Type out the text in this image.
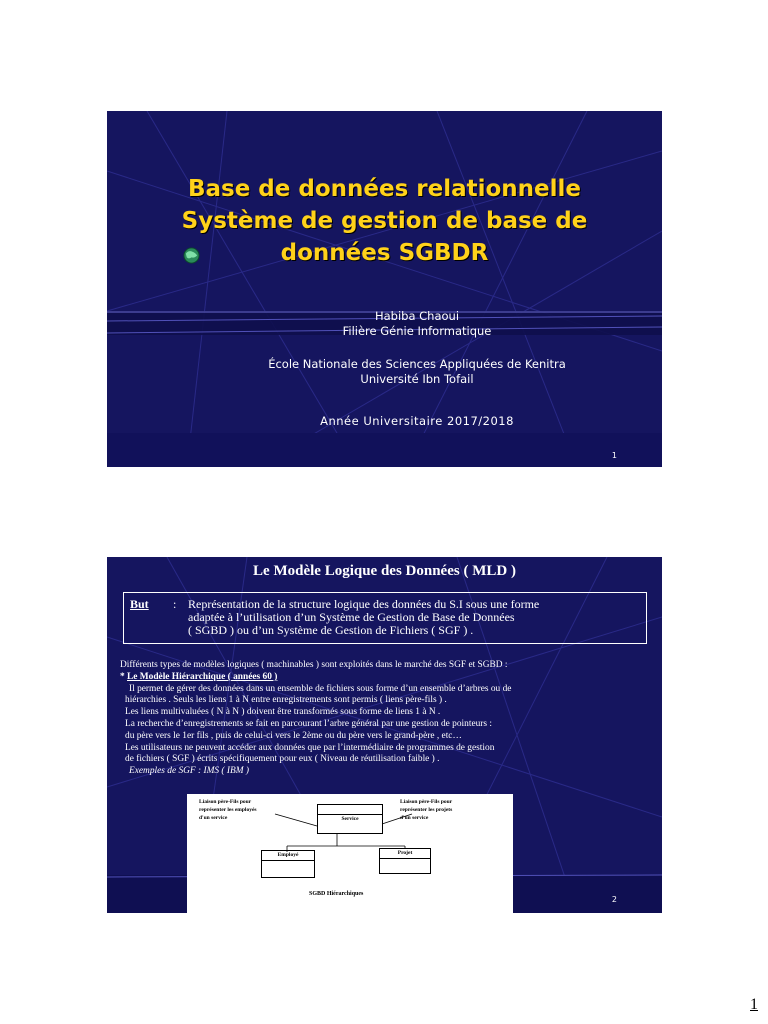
Base de données relationnelle
Système de gestion de base de
données SGBDR
Habiba Chaoui
Filière Génie Informatique
École Nationale des Sciences Appliquées de Kenitra
Université Ibn Tofail
Année Universitaire 2017/2018
1
Le Modèle Logique des Données ( MLD )
But : Représentation de la structure logique des données du S.I sous une forme
adaptée à l’utilisation d’un Système de Gestion de Base de Données
( SGBD ) ou d’un Système de Gestion de Fichiers ( SGF ) .
Différents types de modèles logiques ( machinables ) sont exploités dans le marché des SGF et SGBD :
* Le Modèle Hiérarchique ( années 60 )
Il permet de gérer des données dans un ensemble de fichiers sous forme d’un ensemble d’arbres ou de
hiérarchies . Seuls les liens 1 à N entre enregistrements sont permis ( liens père-fils ) .
Les liens multivaluées ( N à N ) doivent être transformés sous forme de liens 1 à N .
La recherche d’enregistrements se fait en parcourant l’arbre général par une gestion de pointeurs :
du père vers le 1er fils , puis de celui-ci vers le 2ème ou du père vers le grand-père , etc…
Les utilisateurs ne peuvent accéder aux données que par l’intermédiaire de programmes de gestion
de fichiers ( SGF ) écrits spécifiquement pour eux ( Niveau de réutilisation faible ) .
Exemples de SGF : IMS ( IBM )
Liaison père-Fils pour
représenter les employés
d'un service
Liaison père-Fils pour
représenter les projets
d'un service
Service
Employé	Projet
SGBD Hiérarchiques
2
1
